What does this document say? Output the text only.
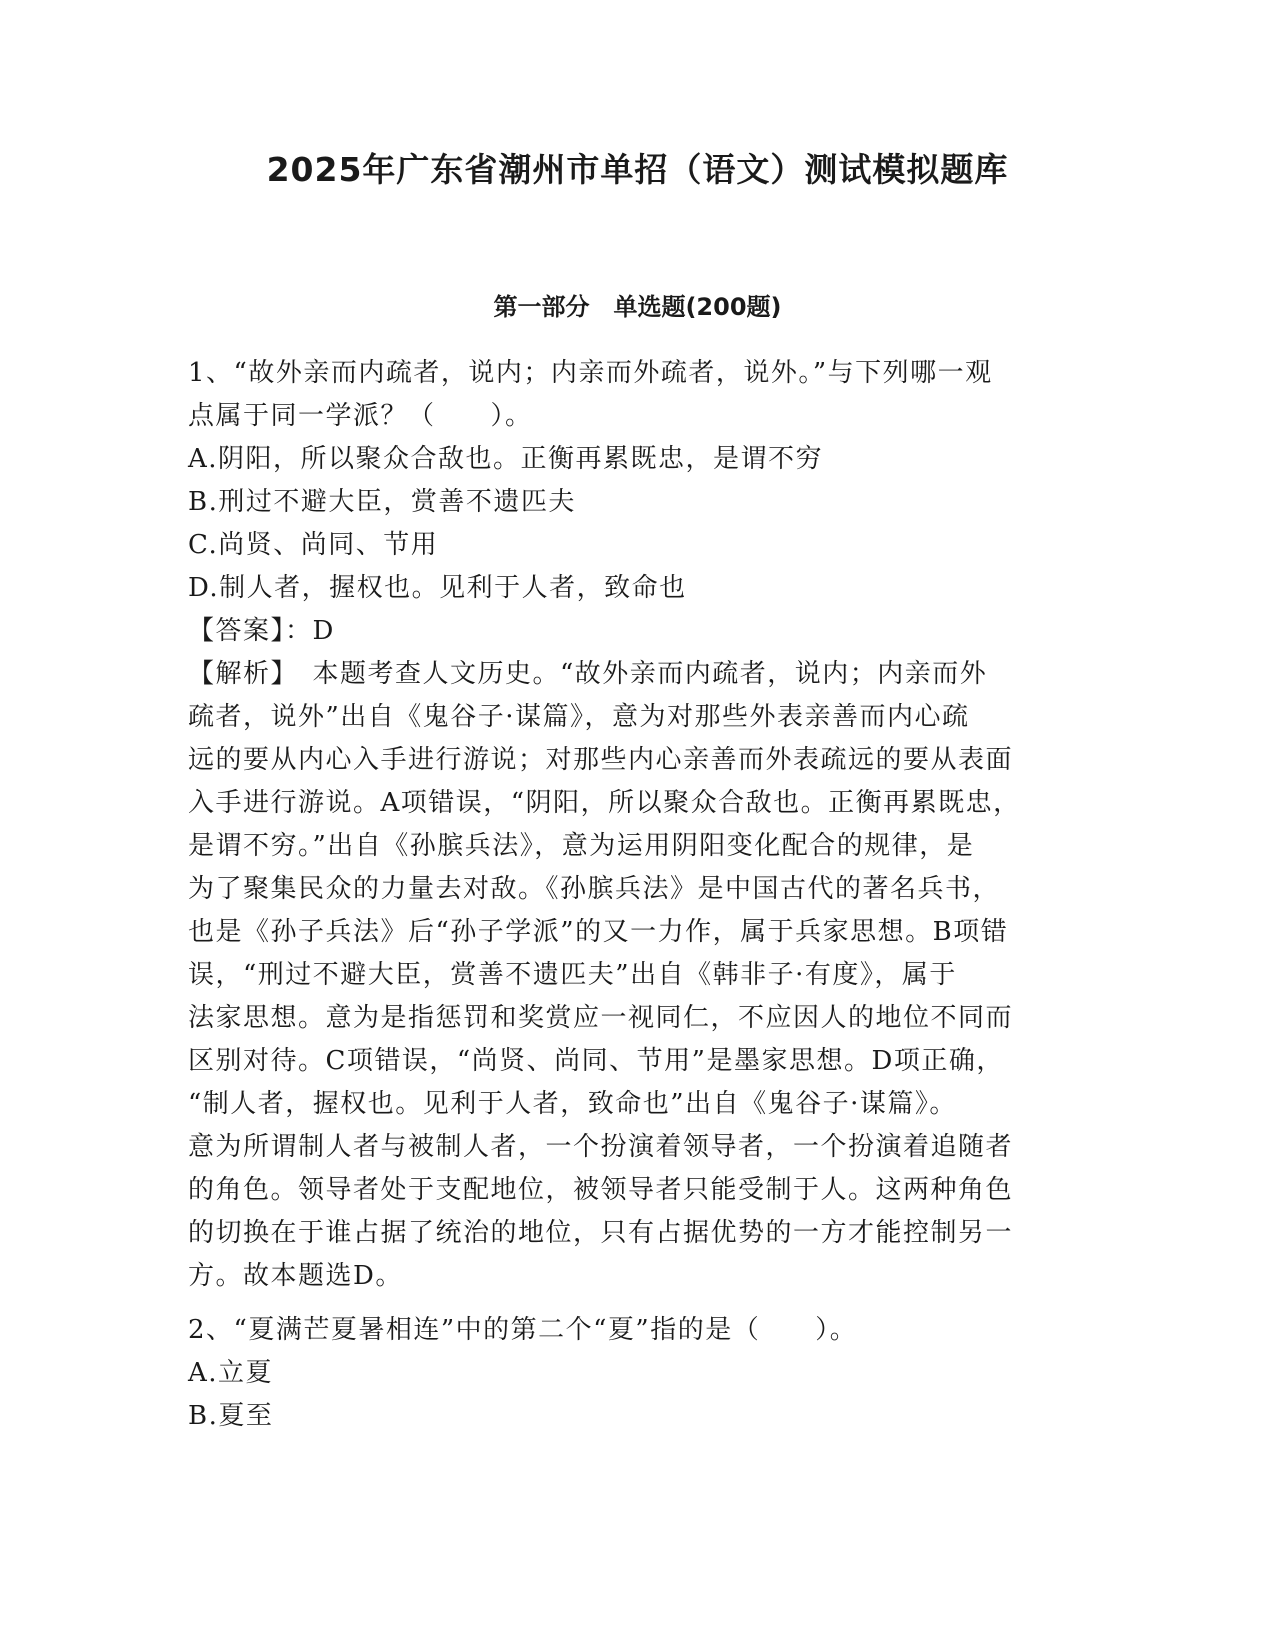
2025年广东省潮州市单招（语文）测试模拟题库
第一部分　单选题(200题)
1、“故外亲而内疏者，说内；内亲而外疏者，说外。”与下列哪一观
点属于同一学派？（　　）。
A.阴阳，所以聚众合敌也。正衡再累既忠，是谓不穷
B.刑过不避大臣，赏善不遗匹夫
C.尚贤、尚同、节用
D.制人者，握权也。见利于人者，致命也
【答案】：D
【解析】　本题考查人文历史。“故外亲而内疏者，说内；内亲而外
疏者，说外”出自《鬼谷子·谋篇》，意为对那些外表亲善而内心疏
远的要从内心入手进行游说；对那些内心亲善而外表疏远的要从表面
入手进行游说。A项错误，“阴阳，所以聚众合敌也。正衡再累既忠，
是谓不穷。”出自《孙膑兵法》，意为运用阴阳变化配合的规律，是
为了聚集民众的力量去对敌。《孙膑兵法》是中国古代的著名兵书，
也是《孙子兵法》后“孙子学派”的又一力作，属于兵家思想。B项错
误，“刑过不避大臣，赏善不遗匹夫”出自《韩非子·有度》，属于
法家思想。意为是指惩罚和奖赏应一视同仁，不应因人的地位不同而
区别对待。C项错误，“尚贤、尚同、节用”是墨家思想。D项正确，
“制人者，握权也。见利于人者，致命也”出自《鬼谷子·谋篇》。
意为所谓制人者与被制人者，一个扮演着领导者，一个扮演着追随者
的角色。领导者处于支配地位，被领导者只能受制于人。这两种角色
的切换在于谁占据了统治的地位，只有占据优势的一方才能控制另一
方。故本题选D。
2、“夏满芒夏暑相连”中的第二个“夏”指的是（　　）。
A.立夏
B.夏至
